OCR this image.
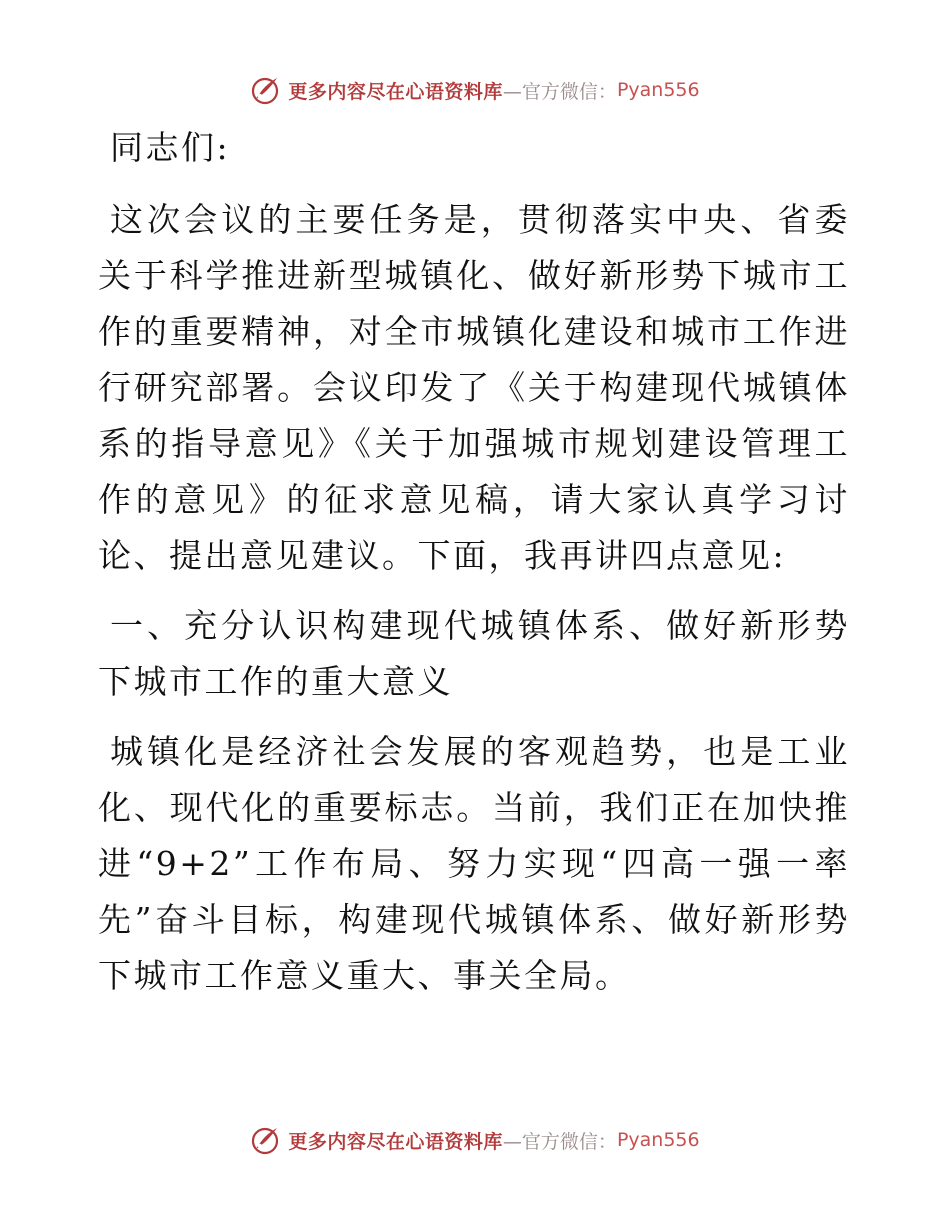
更多内容尽在心语资料库 —官方微信： Pyan556

同志们:

这次会议的主要任务是，贯彻落实中央、省委关于科学推进新型城镇化、做好新形势下城市工作的重要精神，对全市城镇化建设和城市工作进行研究部署。会议印发了《关于构建现代城镇体系的指导意见》《关于加强城市规划建设管理工作的意见》的征求意见稿，请大家认真学习讨论、提出意见建议。下面，我再讲四点意见:

一、充分认识构建现代城镇体系、做好新形势下城市工作的重大意义

城镇化是经济社会发展的客观趋势，也是工业化、现代化的重要标志。当前，我们正在加快推进“9+2”工作布局、努力实现“四高一强一率先”奋斗目标，构建现代城镇体系、做好新形势下城市工作意义重大、事关全局。

更多内容尽在心语资料库 —官方微信： Pyan556
